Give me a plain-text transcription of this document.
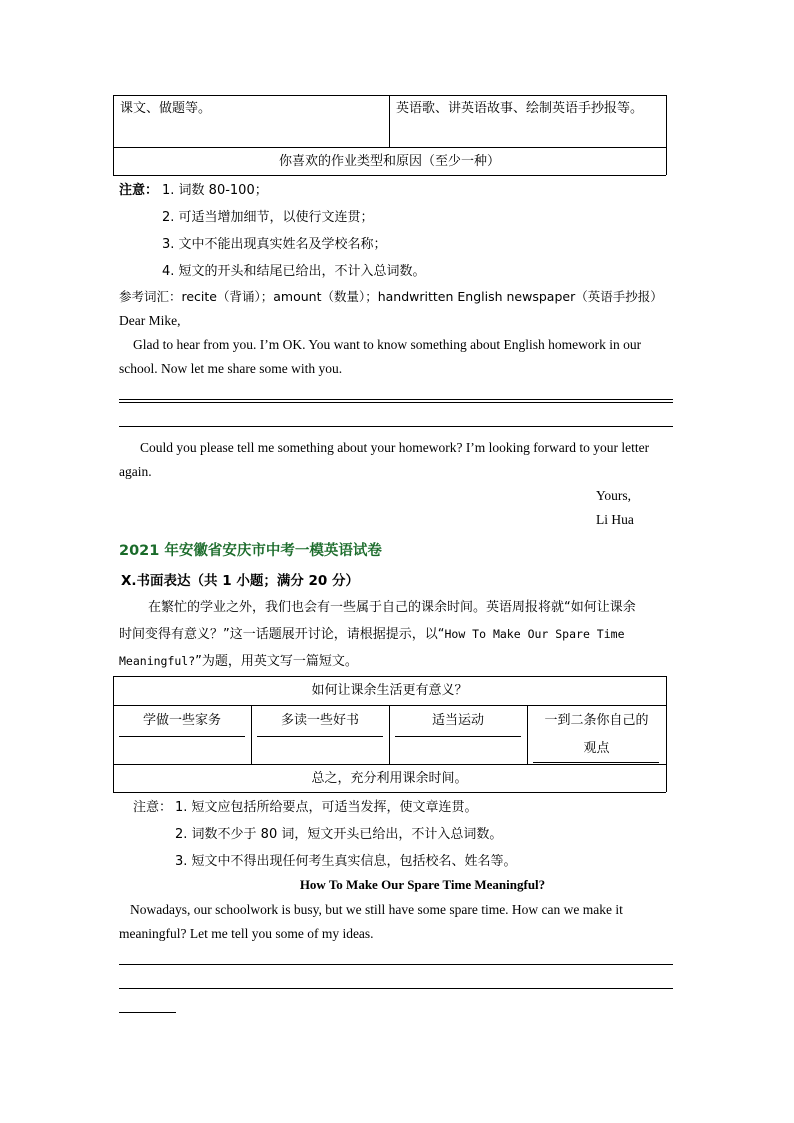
课文、做题等。	英语歌、讲英语故事、绘制英语手抄报等。
你喜欢的作业类型和原因（至少一种）
注意： 1. 词数 80-100；
2. 可适当增加细节，以使行文连贯；
3. 文中不能出现真实姓名及学校名称；
4. 短文的开头和结尾已给出，不计入总词数。
参考词汇：recite（背诵）；amount（数量）；handwritten English newspaper（英语手抄报）
Dear Mike,
Glad to hear from you. I’m OK. You want to know something about English homework in our
school. Now let me share some with you.
Could you please tell me something about your homework? I’m looking forward to your letter
again.
Yours,
Li Hua
2021 年安徽省安庆市中考一模英语试卷
X.书面表达（共 1 小题；满分 20 分）
在繁忙的学业之外，我们也会有一些属于自己的课余时间。英语周报将就“如何让课余
时间变得有意义？”这一话题展开讨论，请根据提示，以“How To Make Our Spare Time
Meaningful?”为题，用英文写一篇短文。
如何让课余生活更有意义？
学做一些家务	多读一些好书	适当运动	一到二条你自己的
观点
总之，充分利用课余时间。
注意： 1. 短文应包括所给要点，可适当发挥，使文章连贯。
2. 词数不少于 80 词，短文开头已给出，不计入总词数。
3. 短文中不得出现任何考生真实信息，包括校名、姓名等。
How To Make Our Spare Time Meaningful?
Nowadays, our schoolwork is busy, but we still have some spare time. How can we make it
meaningful? Let me tell you some of my ideas.
